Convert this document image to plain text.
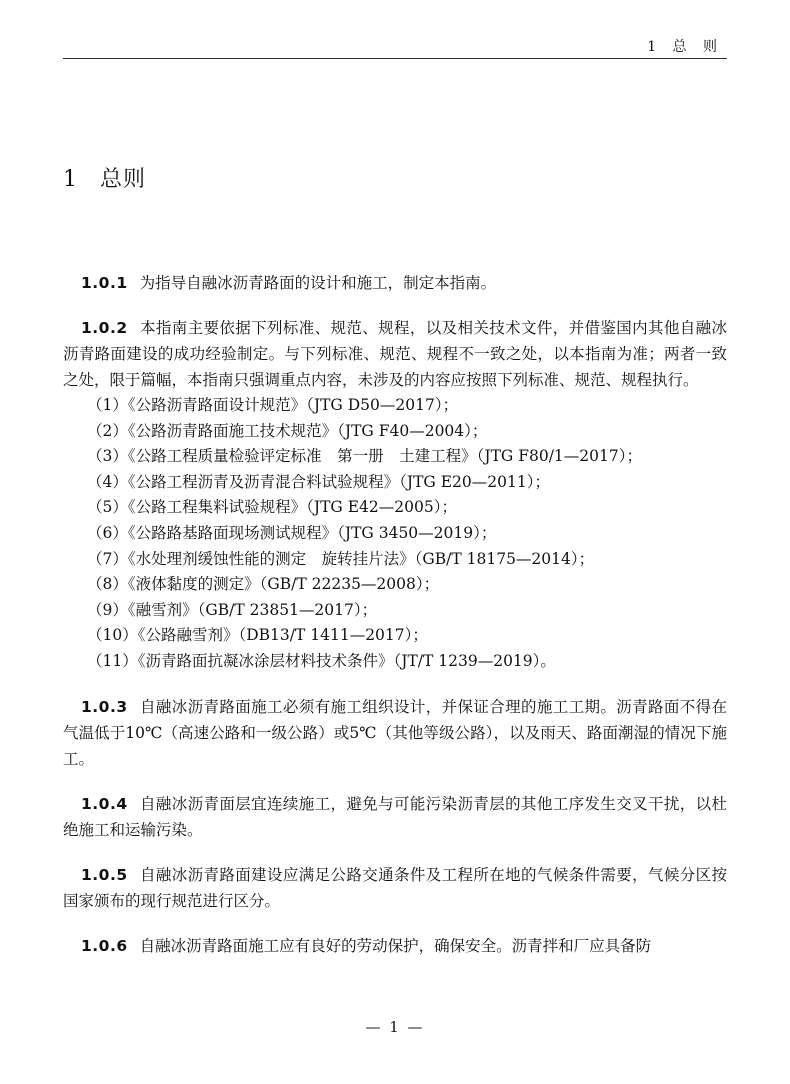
1 总 则
1 总则

1.0.1 为指导自融冰沥青路面的设计和施工，制定本指南。

1.0.2 本指南主要依据下列标准、规范、规程，以及相关技术文件，并借鉴国内其他自融冰沥青路面建设的成功经验制定。与下列标准、规范、规程不一致之处，以本指南为准；两者一致之处，限于篇幅，本指南只强调重点内容，未涉及的内容应按照下列标准、规范、规程执行。

（1）《公路沥青路面设计规范》（JTG D50—2017）；
（2）《公路沥青路面施工技术规范》（JTG F40—2004）；
（3）《公路工程质量检验评定标准　第一册　土建工程》（JTG F80/1—2017）；
（4）《公路工程沥青及沥青混合料试验规程》（JTG E20—2011）；
（5）《公路工程集料试验规程》（JTG E42—2005）；
（6）《公路路基路面现场测试规程》（JTG 3450—2019）；
（7）《水处理剂缓蚀性能的测定　旋转挂片法》（GB/T 18175—2014）；
（8）《液体黏度的测定》（GB/T 22235—2008）；
（9）《融雪剂》（GB/T 23851—2017）；
（10）《公路融雪剂》（DB13/T 1411—2017）；
（11）《沥青路面抗凝冰涂层材料技术条件》（JT/T 1239—2019）。

1.0.3 自融冰沥青路面施工必须有施工组织设计，并保证合理的施工工期。沥青路面不得在气温低于10℃（高速公路和一级公路）或5℃（其他等级公路），以及雨天、路面潮湿的情况下施工。

1.0.4 自融冰沥青面层宜连续施工，避免与可能污染沥青层的其他工序发生交叉干扰，以杜绝施工和运输污染。

1.0.5 自融冰沥青路面建设应满足公路交通条件及工程所在地的气候条件需要，气候分区按国家颁布的现行规范进行区分。

1.0.6 自融冰沥青路面施工应有良好的劳动保护，确保安全。沥青拌和厂应具备防

— 1 —
